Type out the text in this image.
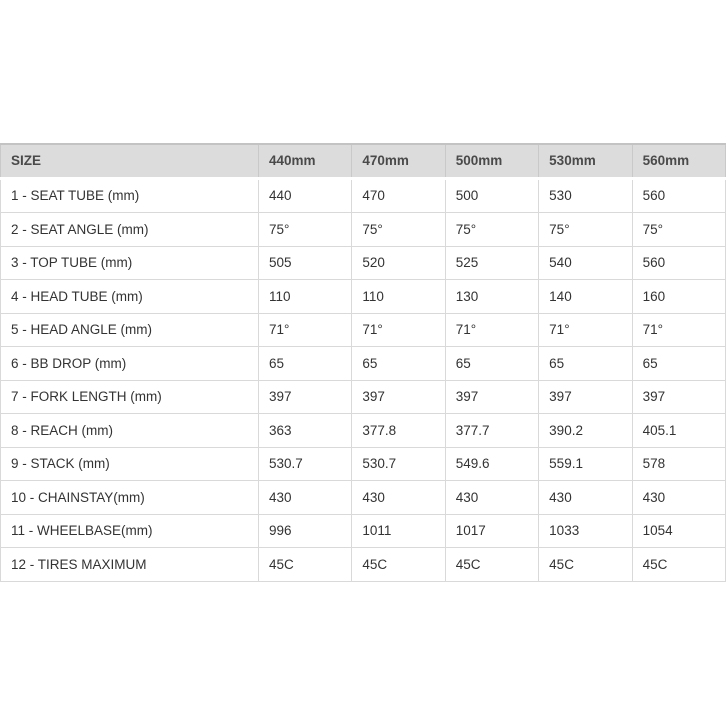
SIZE	440mm	470mm	500mm	530mm	560mm
1 - SEAT TUBE (mm)	440	470	500	530	560
2 - SEAT ANGLE (mm)	75°	75°	75°	75°	75°
3 - TOP TUBE (mm)	505	520	525	540	560
4 - HEAD TUBE (mm)	110	110	130	140	160
5 - HEAD ANGLE (mm)	71°	71°	71°	71°	71°
6 - BB DROP (mm)	65	65	65	65	65
7 - FORK LENGTH (mm)	397	397	397	397	397
8 - REACH (mm)	363	377.8	377.7	390.2	405.1
9 - STACK (mm)	530.7	530.7	549.6	559.1	578
10 - CHAINSTAY(mm)	430	430	430	430	430
11 - WHEELBASE(mm)	996	1011	1017	1033	1054
12 - TIRES MAXIMUM	45C	45C	45C	45C	45C
